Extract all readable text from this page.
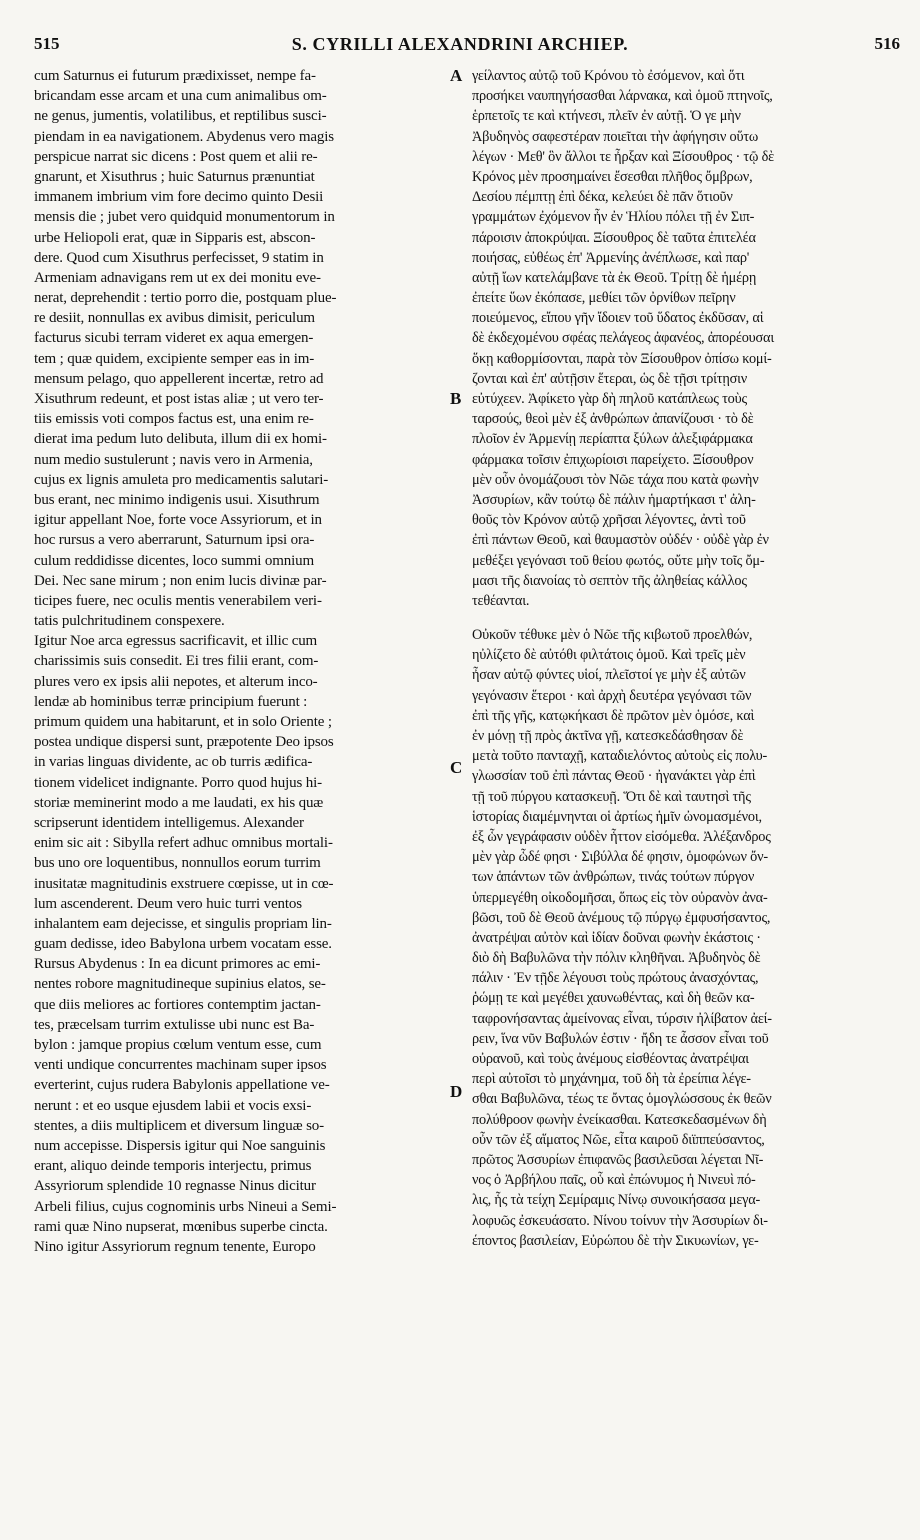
515	S. CYRILLI ALEXANDRINI ARCHIEP.	516
cum Saturnus ei futurum prædixisset, nempe fa-
bricandam esse arcam et una cum animalibus om-
ne genus, jumentis, volatilibus, et reptilibus susci-
piendam in ea navigationem. Abydenus vero magis
perspicue narrat sic dicens : Post quem et alii re-
gnarunt, et Xisuthrus ; huic Saturnus prænuntiat
immanem imbrium vim fore decimo quinto Desii
mensis die ; jubet vero quidquid monumentorum in
urbe Heliopoli erat, quæ in Sipparis est, abscon-
dere. Quod cum Xisuthrus perfecisset, 9 statim in
Armeniam adnavigans rem ut ex dei monitu eve-
nerat, deprehendit : tertio porro die, postquam plue-
re desiit, nonnullas ex avibus dimisit, periculum
facturus sicubi terram videret ex aqua emergen-
tem ; quæ quidem, excipiente semper eas in im-
mensum pelago, quo appellerent incertæ, retro ad
Xisuthrum redeunt, et post istas aliæ ; ut vero ter-
tiis emissis voti compos factus est, una enim re-
dierat ima pedum luto delibuta, illum dii ex homi-
num medio sustulerunt ; navis vero in Armenia,
cujus ex lignis amuleta pro medicamentis salutari-
bus erant, nec minimo indigenis usui. Xisuthrum
igitur appellant Noe, forte voce Assyriorum, et in
hoc rursus a vero aberrarunt, Saturnum ipsi ora-
culum reddidisse dicentes, loco summi omnium
Dei. Nec sane mirum ; non enim lucis divinæ par-
ticipes fuere, nec oculis mentis venerabilem veri-
tatis pulchritudinem conspexere.
Igitur Noe arca egressus sacrificavit, et illic cum
charissimis suis consedit. Ei tres filii erant, com-
plures vero ex ipsis alii nepotes, et alterum inco-
lendæ ab hominibus terræ principium fuerunt :
primum quidem una habitarunt, et in solo Oriente ;
postea undique dispersi sunt, præpotente Deo ipsos
in varias linguas dividente, ac ob turris ædifica-
tionem videlicet indignante. Porro quod hujus hi-
storiæ meminerint modo a me laudati, ex his quæ
scripserunt identidem intelligemus. Alexander
enim sic ait : Sibylla refert adhuc omnibus mortali-
bus uno ore loquentibus, nonnullos eorum turrim
inusitatæ magnitudinis exstruere cœpisse, ut in cœ-
lum ascenderent. Deum vero huic turri ventos
inhalantem eam dejecisse, et singulis propriam lin-
guam dedisse, ideo Babylona urbem vocatam esse.
Rursus Abydenus : In ea dicunt primores ac emi-
nentes robore magnitudineque supinius elatos, se-
que diis meliores ac fortiores contemptim jactan-
tes, præcelsam turrim extulisse ubi nunc est Ba-
bylon : jamque propius cœlum ventum esse, cum
venti undique concurrentes machinam super ipsos
everterint, cujus rudera Babylonis appellatione ve-
nerunt : et eo usque ejusdem labii et vocis exsi-
stentes, a diis multiplicem et diversum linguæ so-
num accepisse. Dispersis igitur qui Noe sanguinis
erant, aliquo deinde temporis interjectu, primus
Assyriorum splendide 10 regnasse Ninus dicitur
Arbeli filius, cujus cognominis urbs Nineui a Semi-
rami quæ Nino nupserat, mœnibus superbe cincta.
Nino igitur Assyriorum regnum tenente, Europo
γείλαντος αὐτῷ τοῦ Κρόνου τὸ ἐσόμενον, καὶ ὅτι
προσήκει ναυπηγήσασθαι λάρνακα, καὶ ὁμοῦ πτηνοῖς,
ἑρπετοῖς τε καὶ κτήνεσι, πλεῖν ἐν αὐτῇ. Ὁ γε μὴν
Ἀβυδηνὸς σαφεστέραν ποιεῖται τὴν ἀφήγησιν οὕτω
λέγων · Μεθ' ὃν ἄλλοι τε ἦρξαν καὶ Ξίσουθρος · τῷ δὲ
Κρόνος μὲν προσημαίνει ἔσεσθαι πλῆθος ὄμβρων,
Δεσίου πέμπτῃ ἐπὶ δέκα, κελεύει δὲ πᾶν ὅτιοῦν
γραμμάτων ἐχόμενον ἦν ἐν Ἡλίου πόλει τῇ ἐν Σιπ-
πάροισιν ἀποκρύψαι. Ξίσουθρος δὲ ταῦτα ἐπιτελέα
ποιήσας, εὐθέως ἐπ' Ἀρμενίης ἀνέπλωσε, καὶ παρ'
αὐτῇ ἴων κατελάμβανε τὰ ἐκ Θεοῦ. Τρίτῃ δὲ ἡμέρῃ
ἐπείτε ὕων ἐκόπασε, μεθίει τῶν ὀρνίθων πεῖρην
ποιεύμενος, εἴπου γῆν ἴδοιεν τοῦ ὕδατος ἐκδῦσαν, αἱ
δὲ ἐκδεχομένου σφέας πελάγεος ἀφανέος, ἀπορέουσαι
ὅκῃ καθορμίσονται, παρὰ τὸν Ξίσουθρον ὀπίσω κομί-
ζονται καὶ ἐπ' αὐτῇσιν ἕτεραι, ὡς δὲ τῇσι τρίτῃσιν
εὐτύχεεν. Ἀφίκετο γὰρ δὴ πηλοῦ κατάπλεως τοὺς
ταρσούς, θεοὶ μὲν ἐξ ἀνθρώπων ἀπανίζουσι · τὸ δὲ
πλοῖον ἐν Ἀρμενίῃ περίαπτα ξύλων ἀλεξιφάρμακα
φάρμακα τοῖσιν ἐπιχωρίοισι παρείχετο. Ξίσουθρον
μὲν οὖν ὀνομάζουσι τὸν Νῶε τάχα που κατὰ φωνὴν
Ἀσσυρίων, κἂν τούτῳ δὲ πάλιν ἡμαρτήκασι τ' ἀλη-
θοῦς τὸν Κρόνον αὐτῷ χρῆσαι λέγοντες, ἀντὶ τοῦ
ἐπὶ πάντων Θεοῦ, καὶ θαυμαστὸν οὐδέν · οὐδὲ γὰρ ἐν
μεθέξει γεγόνασι τοῦ θείου φωτός, οὔτε μὴν τοῖς ὄμ-
μασι τῆς διανοίας τὸ σεπτὸν τῆς ἀληθείας κάλλος
τεθέανται.
Οὐκοῦν τέθυκε μὲν ὁ Νῶε τῆς κιβωτοῦ προελθών,
ηὐλίζετο δὲ αὐτόθι φιλτάτοις ὁμοῦ. Καὶ τρεῖς μὲν
ἦσαν αὐτῷ φύντες υἱοί, πλεῖστοί γε μὴν ἐξ αὐτῶν
γεγόνασιν ἕτεροι · καὶ ἀρχὴ δευτέρα γεγόνασι τῶν
ἐπὶ τῆς γῆς, κατῳκήκασι δὲ πρῶτον μὲν ὁμόσε, καὶ
ἐν μόνῃ τῇ πρὸς ἀκτῖνα γῇ, κατεσκεδάσθησαν δὲ
μετὰ τοῦτο πανταχῇ, καταδιελόντος αὐτοὺς εἰς πολυ-
γλωσσίαν τοῦ ἐπὶ πάντας Θεοῦ · ἠγανάκτει γὰρ ἐπὶ
τῇ τοῦ πύργου κατασκευῇ. Ὅτι δὲ καὶ ταυτησὶ τῆς
ἱστορίας διαμέμνηνται οἱ ἀρτίως ἡμῖν ὠνομασμένοι,
ἐξ ὧν γεγράφασιν οὐδὲν ἧττον εἰσόμεθα. Ἀλέξανδρος
μὲν γὰρ ὧδέ φησι · Σιβύλλα δέ φησιν, ὁμοφώνων ὄν-
των ἁπάντων τῶν ἀνθρώπων, τινάς τούτων πύργον
ὑπερμεγέθη οἰκοδομῆσαι, ὅπως εἰς τὸν οὐρανὸν ἀνα-
βῶσι, τοῦ δὲ Θεοῦ ἀνέμους τῷ πύργῳ ἐμφυσήσαντος,
ἀνατρέψαι αὐτὸν καὶ ἰδίαν δοῦναι φωνὴν ἑκάστοις ·
διὸ δὴ Βαβυλῶνα τὴν πόλιν κληθῆναι. Ἀβυδηνὸς δὲ
πάλιν · Ἐν τῇδε λέγουσι τοὺς πρώτους ἀνασχόντας,
ῥώμῃ τε καὶ μεγέθει χαυνωθέντας, καὶ δὴ θεῶν κα-
ταφρονήσαντας ἀμείνονας εἶναι, τύρσιν ἠλίβατον ἀεί-
ρειν, ἵνα νῦν Βαβυλών ἐστιν · ἤδη τε ἆσσον εἶναι τοῦ
οὐρανοῦ, καὶ τοὺς ἀνέμους εἰσθέοντας ἀνατρέψαι
περὶ αὐτοῖσι τὸ μηχάνημα, τοῦ δὴ τὰ ἐρείπια λέγε-
σθαι Βαβυλῶνα, τέως τε ὄντας ὁμογλώσσους ἐκ θεῶν
πολύθροον φωνὴν ἐνείκασθαι. Κατεσκεδασμένων δὴ
οὖν τῶν ἐξ αἵματος Νῶε, εἶτα καιροῦ διϊππεύσαντος,
πρῶτος Ἀσσυρίων ἐπιφανῶς βασιλεῦσαι λέγεται Νῖ-
νος ὁ Ἀρβήλου παῖς, οὗ καὶ ἐπώνυμος ἡ Νινευὶ πό-
λις, ἧς τὰ τείχη Σεμίραμις Νίνῳ συνοικήσασα μεγα-
λοφυῶς ἐσκευάσατο. Νίνου τοίνυν τὴν Ἀσσυρίων δι-
έποντος βασιλείαν, Εὐρώπου δὲ τὴν Σικυωνίων, γε-
A
B
C
D
